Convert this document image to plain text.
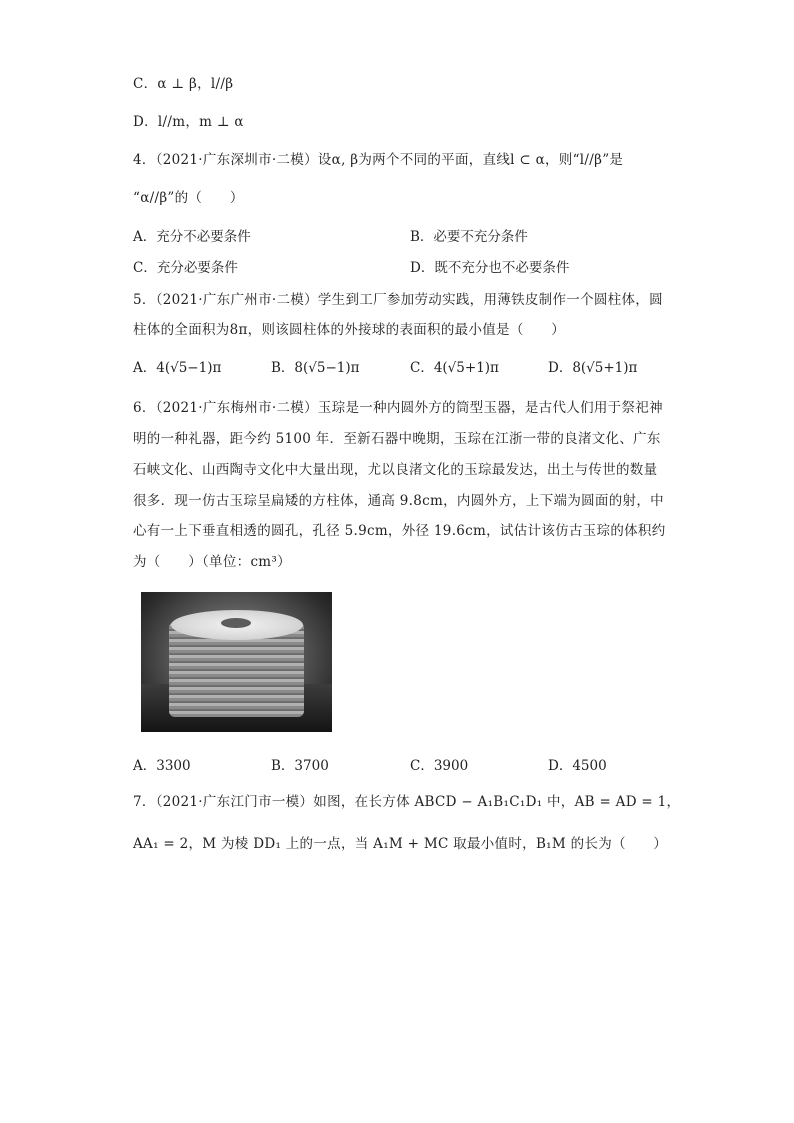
C．α ⊥ β，l//β
D．l//m，m ⊥ α
4．（2021·广东深圳市·二模）设α, β为两个不同的平面，直线l ⊂ α，则“l//β”是
“α//β”的（　　）
A．充分不必要条件	B．必要不充分条件
C．充分必要条件	D．既不充分也不必要条件
5．（2021·广东广州市·二模）学生到工厂参加劳动实践，用薄铁皮制作一个圆柱体，圆
柱体的全面积为8π，则该圆柱体的外接球的表面积的最小值是（　　）
A．4(√5−1)π	B．8(√5−1)π	C．4(√5+1)π	D．8(√5+1)π
6．（2021·广东梅州市·二模）玉琮是一种内圆外方的筒型玉器，是古代人们用于祭祀神
明的一种礼器，距今约 5100 年．至新石器中晚期，玉琮在江浙一带的良渚文化、广东
石峡文化、山西陶寺文化中大量出现，尤以良渚文化的玉琮最发达，出土与传世的数量
很多．现一仿古玉琮呈扁矮的方柱体，通高 9.8cm，内圆外方，上下端为圆面的射，中
心有一上下垂直相透的圆孔，孔径 5.9cm，外径 19.6cm，试估计该仿古玉琮的体积约
为（　　）（单位：cm³）
A．3300	B．3700	C．3900	D．4500
7．（2021·广东江门市一模）如图，在长方体 ABCD − A₁B₁C₁D₁ 中，AB = AD = 1，
AA₁ = 2，M 为棱 DD₁ 上的一点，当 A₁M + MC 取最小值时，B₁M 的长为（　　）
